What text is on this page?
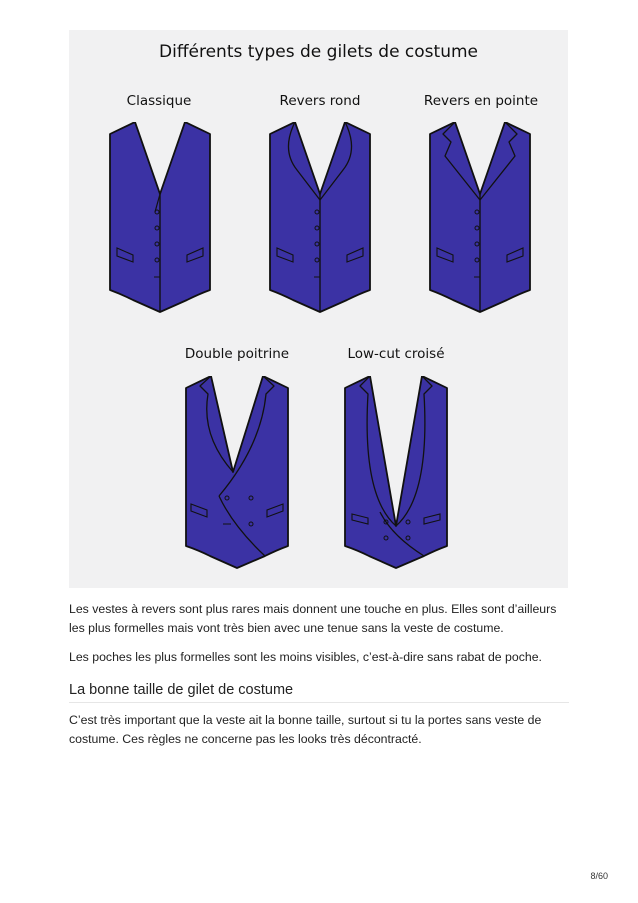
Différents types de gilets de costume
Classique	Revers rond	Revers en pointe
Double poitrine	Low-cut croisé

Les vestes à revers sont plus rares mais donnent une touche en plus. Elles sont d’ailleurs les plus formelles mais vont très bien avec une tenue sans la veste de costume.

Les poches les plus formelles sont les moins visibles, c’est-à-dire sans rabat de poche.

La bonne taille de gilet de costume

C’est très important que la veste ait la bonne taille, surtout si tu la portes sans veste de costume. Ces règles ne concerne pas les looks très décontracté.

8/60
